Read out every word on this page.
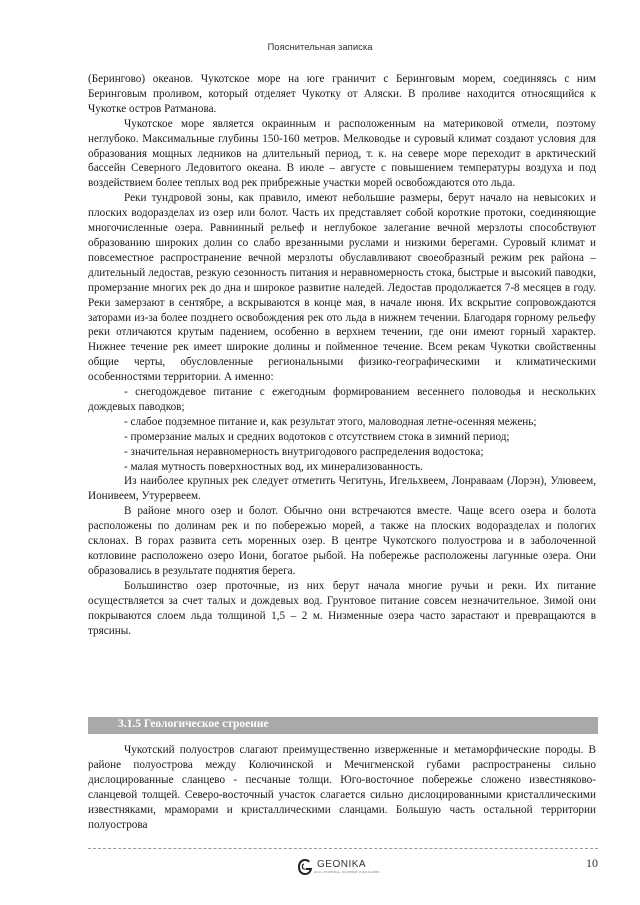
Пояснительная записка

(Берингово) океанов. Чукотское море на юге граничит с Беринговым морем, соединяясь с ним Беринговым проливом, который отделяет Чукотку от Аляски. В проливе находится относящийся к Чукотке остров Ратманова.

Чукотское море является окраинным и расположенным на материковой отмели, поэтому неглубоко. Максимальные глубины 150-160 метров. Мелководье и суровый климат создают условия для образования мощных ледников на длительный период, т. к. на севере море переходит в арктический бассейн Северного Ледовитого океана. В июле – августе с повышением температуры воздуха и под воздействием более теплых вод рек прибрежные участки морей освобождаются ото льда.

Реки тундровой зоны, как правило, имеют небольшие размеры, берут начало на невысоких и плоских водоразделах из озер или болот. Часть их представляет собой короткие протоки, соединяющие многочисленные озера. Равнинный рельеф и неглубокое залегание вечной мерзлоты способствуют образованию широких долин со слабо врезанными руслами и низкими берегами. Суровый климат и повсеместное распространение вечной мерзлоты обуславливают своеобразный режим рек района – длительный ледостав, резкую сезонность питания и неравномерность стока, быстрые и высокий паводки, промерзание многих рек до дна и широкое развитие наледей. Ледостав продолжается 7-8 месяцев в году. Реки замерзают в сентябре, а вскрываются в конце мая, в начале июня. Их вскрытие сопровождаются заторами из-за более позднего освобождения рек ото льда в нижнем течении. Благодаря горному рельефу реки отличаются крутым падением, особенно в верхнем течении, где они имеют горный характер. Нижнее течение рек имеет широкие долины и пойменное течение. Всем рекам Чукотки свойственны общие черты, обусловленные региональными физико-географическими и климатическими особенностями территории. А именно:

- снегодождевое питание с ежегодным формированием весеннего половодья и нескольких дождевых паводков;

- слабое подземное питание и, как результат этого, маловодная летне-осенняя межень;

- промерзание малых и средних водотоков с отсутствием стока в зимний период;

- значительная неравномерность внутригодового распределения водостока;

- малая мутность поверхностных вод, их минерализованность.

Из наиболее крупных рек следует отметить Чегитунь, Игельхвеем, Лонраваам (Лорэн), Улювеем, Ионивеем, Утурервеем.

В районе много озер и болот. Обычно они встречаются вместе. Чаще всего озера и болота расположены по долинам рек и по побережью морей, а также на плоских водоразделах и пологих склонах. В горах развита сеть моренных озер. В центре Чукотского полуострова и в заболоченной котловине расположено озеро Иони, богатое рыбой. На побережье расположены лагунные озера. Они образовались в результате поднятия берега.

Большинство озер проточные, из них берут начала многие ручьи и реки. Их питание осуществляется за счет талых и дождевых вод. Грунтовое питание совсем незначительное. Зимой они покрываются слоем льда толщиной 1,5 – 2 м. Низменные озера часто зарастают и превращаются в трясины.

3.1.5 Геологическое строение

Чукотский полуостров слагают преимущественно изверженные и метаморфические породы. В районе полуострова между Колючинской и Мечигменской губами распространены сильно дислоцированные сланцево - песчаные толщи. Юго-восточное побережье сложено известняково-сланцевой толщей. Северо-восточный участок слагается сильно дислоцированными кристаллическими известняками, мраморами и кристаллическими сланцами. Большую часть остальной территории полуострова

GEONIKA
ООО «ГЕОНИКА» ПОЛЕВЫЕ ИЗЫСКАНИЯ
10
